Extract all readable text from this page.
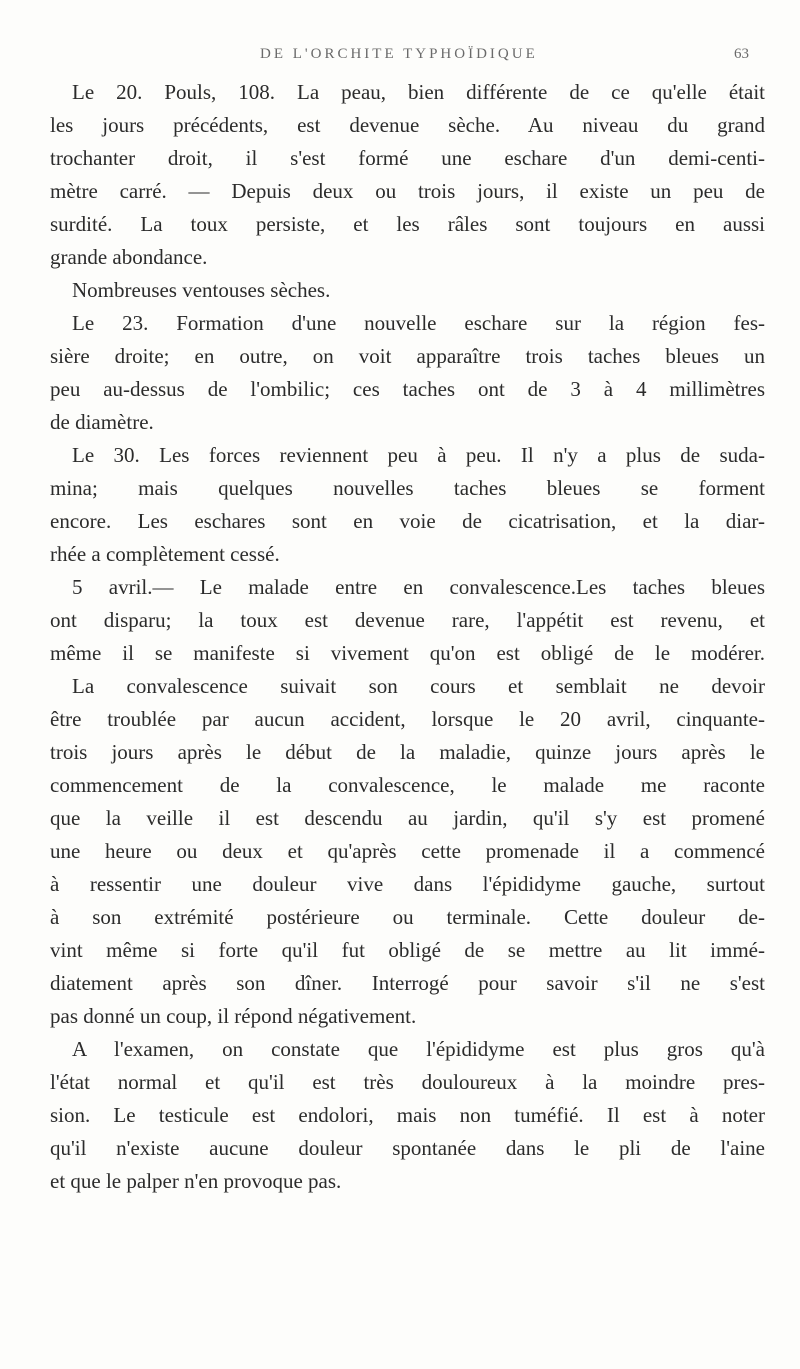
DE L'ORCHITE TYPHOÏDIQUE	63
Le 20. Pouls, 108. La peau, bien différente de ce qu'elle était
les jours précédents, est devenue sèche. Au niveau du grand
trochanter droit, il s'est formé une eschare d'un demi-centi-
mètre carré. — Depuis deux ou trois jours, il existe un peu de
surdité. La toux persiste, et les râles sont toujours en aussi
grande abondance.
Nombreuses ventouses sèches.
Le 23. Formation d'une nouvelle eschare sur la région fes-
sière droite; en outre, on voit apparaître trois taches bleues un
peu au-dessus de l'ombilic; ces taches ont de 3 à 4 millimètres
de diamètre.
Le 30. Les forces reviennent peu à peu. Il n'y a plus de suda-
mina; mais quelques nouvelles taches bleues se forment
encore. Les eschares sont en voie de cicatrisation, et la diar-
rhée a complètement cessé.
5 avril.— Le malade entre en convalescence.Les taches bleues
ont disparu; la toux est devenue rare, l'appétit est revenu, et
même il se manifeste si vivement qu'on est obligé de le modérer.
La convalescence suivait son cours et semblait ne devoir
être troublée par aucun accident, lorsque le 20 avril, cinquante-
trois jours après le début de la maladie, quinze jours après le
commencement de la convalescence, le malade me raconte
que la veille il est descendu au jardin, qu'il s'y est promené
une heure ou deux et qu'après cette promenade il a commencé
à ressentir une douleur vive dans l'épididyme gauche, surtout
à son extrémité postérieure ou terminale. Cette douleur de-
vint même si forte qu'il fut obligé de se mettre au lit immé-
diatement après son dîner. Interrogé pour savoir s'il ne s'est
pas donné un coup, il répond négativement.
A l'examen, on constate que l'épididyme est plus gros qu'à
l'état normal et qu'il est très douloureux à la moindre pres-
sion. Le testicule est endolori, mais non tuméfié. Il est à noter
qu'il n'existe aucune douleur spontanée dans le pli de l'aine
et que le palper n'en provoque pas.
